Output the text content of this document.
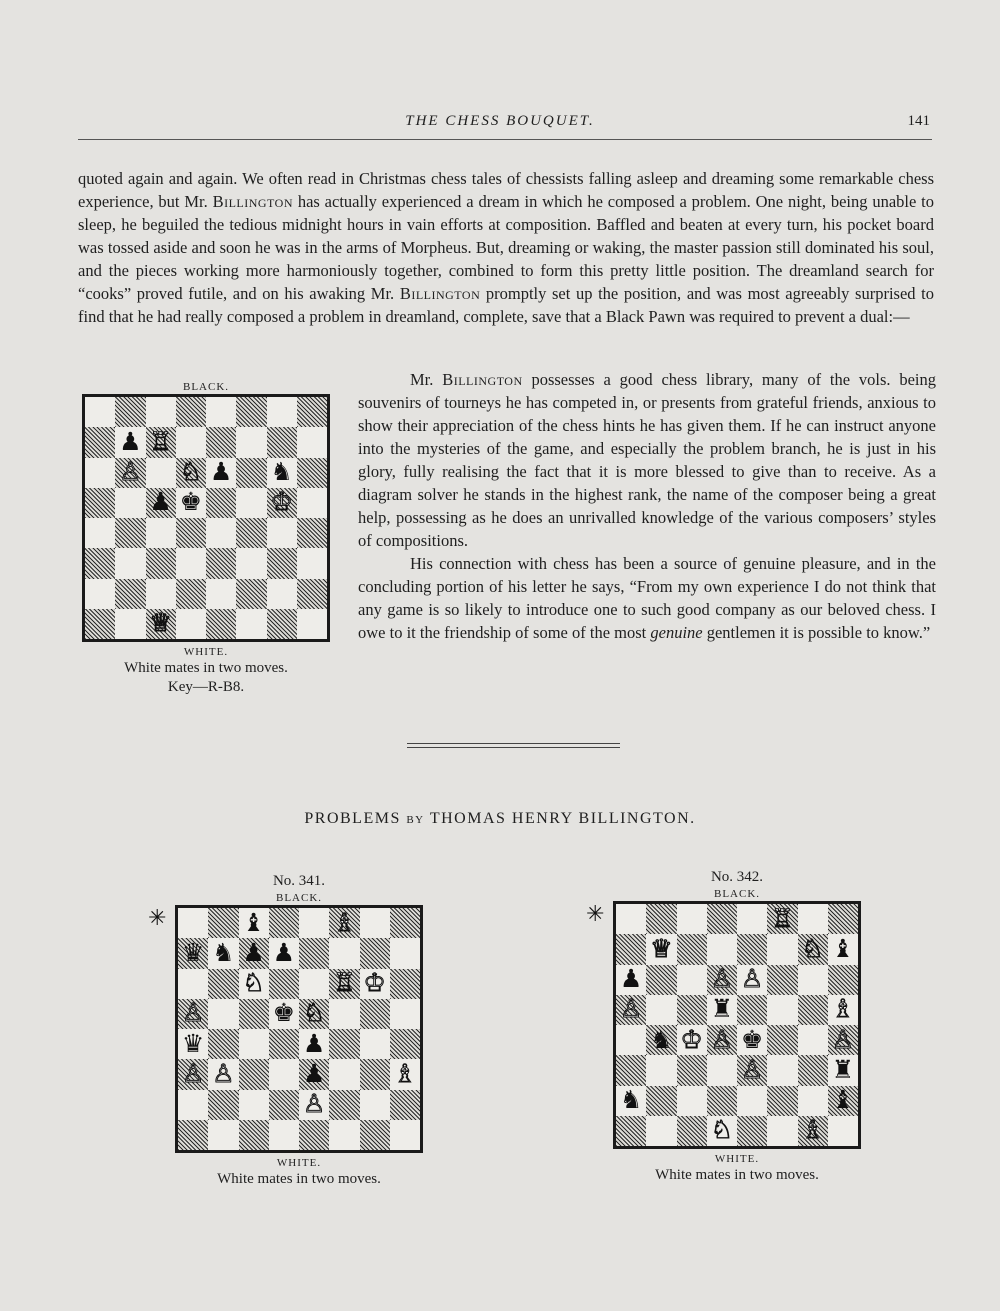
THE CHESS BOUQUET.	141

quoted again and again. We often read in Christmas chess tales of chessists falling asleep and dreaming some remarkable chess experience, but Mr. Billington has actually experienced a dream in which he composed a problem. One night, being unable to sleep, he beguiled the tedious midnight hours in vain efforts at composition. Baffled and beaten at every turn, his pocket board was tossed aside and soon he was in the arms of Morpheus. But, dreaming or waking, the master passion still dominated his soul, and the pieces working more harmoniously together, combined to form this pretty little position. The dreamland search for “cooks” proved futile, and on his awaking Mr. Billington promptly set up the position, and was most agreeably surprised to find that he had really composed a problem in dreamland, complete, save that a Black Pawn was required to prevent a dual:—

Mr. Billington possesses a good chess library, many of the vols. being souvenirs of tourneys he has competed in, or presents from grateful friends, anxious to show their appreciation of the chess hints he has given them. If he can instruct anyone into the mysteries of the game, and especially the problem branch, he is just in his glory, fully realising the fact that it is more blessed to give than to receive. As a diagram solver he stands in the highest rank, the name of the composer being a great help, possessing as he does an unrivalled knowledge of the various composers’ styles of compositions.

His connection with chess has been a source of genuine pleasure, and in the concluding portion of his letter he says, “From my own experience I do not think that any game is so likely to introduce one to such good company as our beloved chess. I owe to it the friendship of some of the most genuine gentlemen it is possible to know.”

BLACK.
♟ ♖
♙ ♘ ♟ ♞
♟ ♚	♔
♕
WHITE.
White mates in two moves.
Key—R-B8.
PROBLEMS BY THOMAS HENRY BILLINGTON.
No. 341.
BLACK.
✳	♝	♗
♛ ♞ ♟ ♟
♘	♖ ♔
♙	♚ ♘
♛	♟
♙ ♙	♟	♗
♙
WHITE.
White mates in two moves.
No. 342.
BLACK.
✳	♖
♕	♘ ♝
♟	♙ ♙
♙	♜	♗
♞ ♔ ♙ ♚	♙
♙	♜
♞	♝
♘	♗
WHITE.
White mates in two moves.
